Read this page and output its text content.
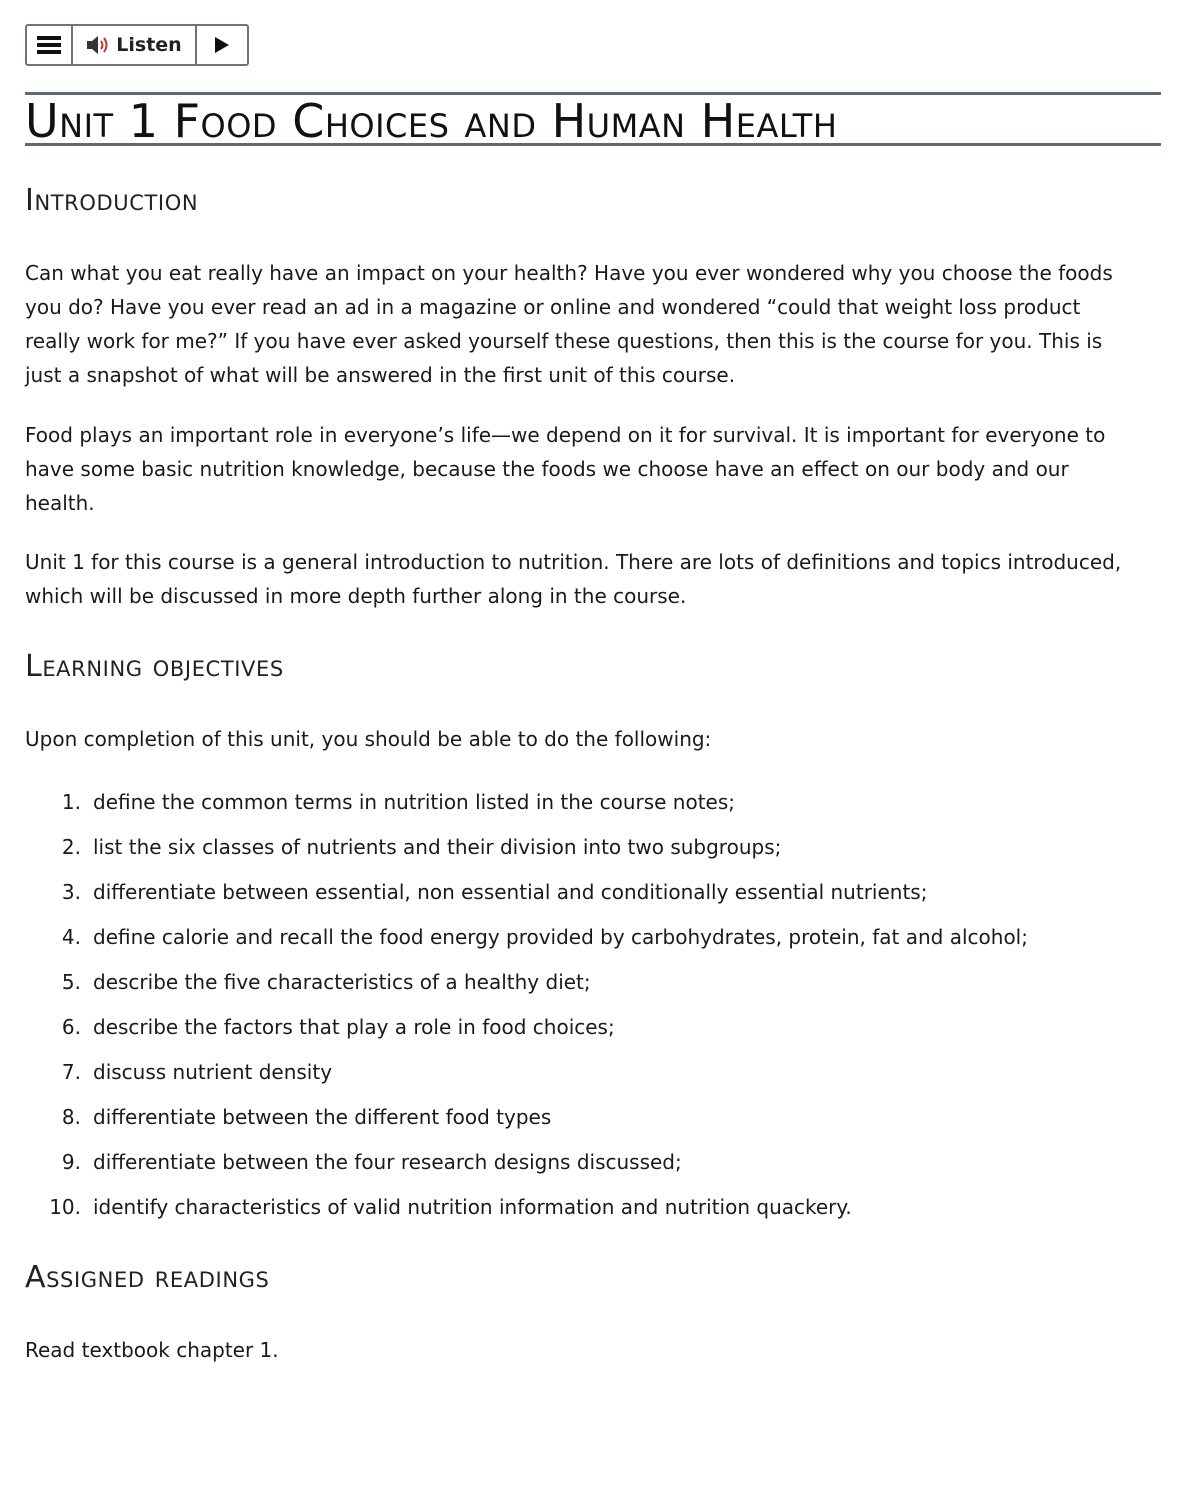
Listen
Unit 1 Food Choices and Human Health
Introduction

Can what you eat really have an impact on your health? Have you ever wondered why you choose the foods you do? Have you ever read an ad in a magazine or online and wondered “could that weight loss product really work for me?” If you have ever asked yourself these questions, then this is the course for you. This is just a snapshot of what will be answered in the first unit of this course.

Food plays an important role in everyone’s life—we depend on it for survival. It is important for everyone to have some basic nutrition knowledge, because the foods we choose have an effect on our body and our health.

Unit 1 for this course is a general introduction to nutrition. There are lots of definitions and topics introduced, which will be discussed in more depth further along in the course.

Learning objectives

Upon completion of this unit, you should be able to do the following:

1. define the common terms in nutrition listed in the course notes;
2. list the six classes of nutrients and their division into two subgroups;
3. differentiate between essential, non essential and conditionally essential nutrients;
4. define calorie and recall the food energy provided by carbohydrates, protein, fat and alcohol;
5. describe the five characteristics of a healthy diet;
6. describe the factors that play a role in food choices;
7. discuss nutrient density
8. differentiate between the different food types
9. differentiate between the four research designs discussed;
10. identify characteristics of valid nutrition information and nutrition quackery.
Assigned readings

Read textbook chapter 1.
